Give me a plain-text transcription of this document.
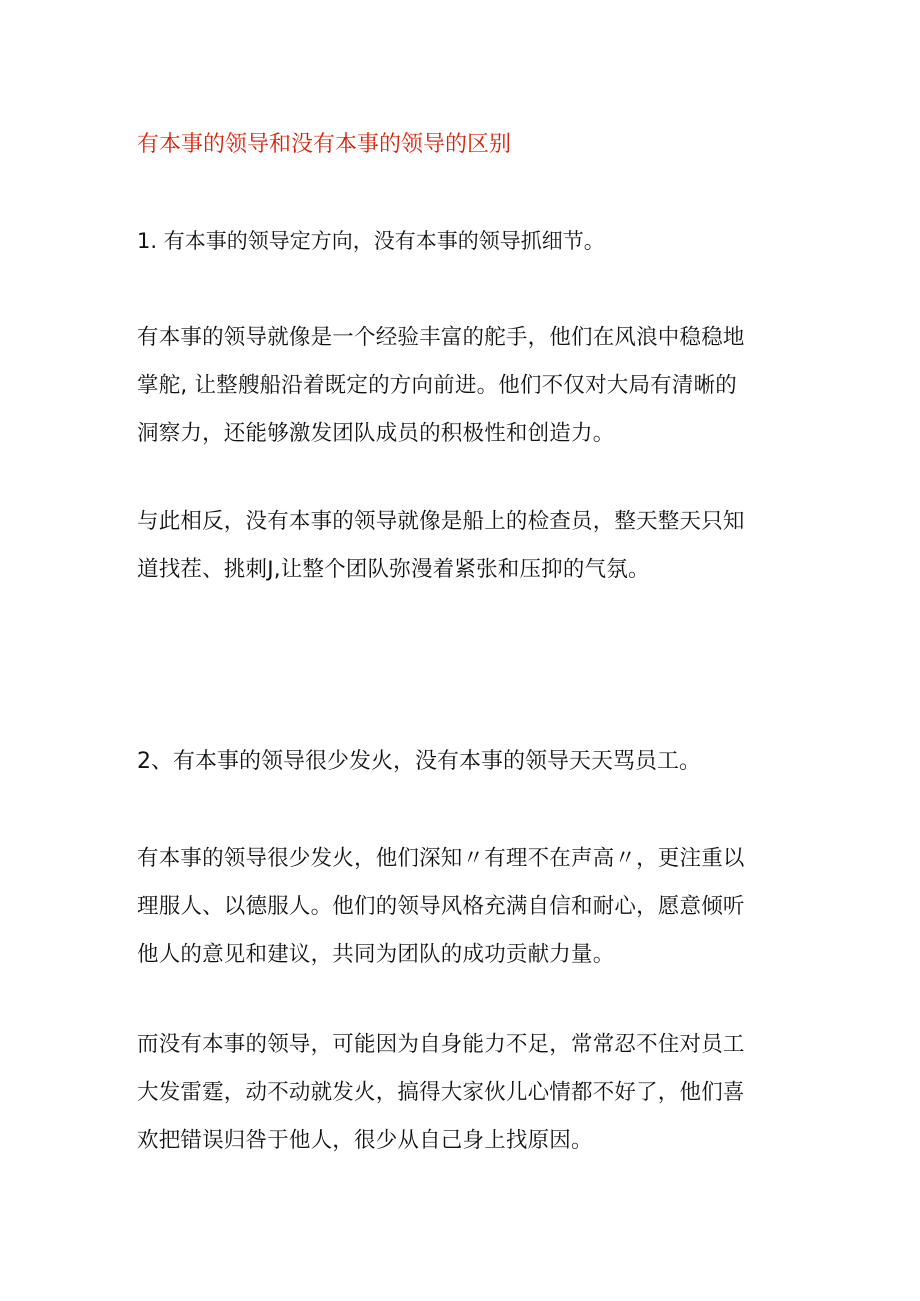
有本事的领导和没有本事的领导的区别
1. 有本事的领导定方向，没有本事的领导抓细节。
有本事的领导就像是一个经验丰富的舵手，他们在风浪中稳稳地
掌舵, 让整艘船沿着既定的方向前进。他们不仅对大局有清晰的
洞察力，还能够激发团队成员的积极性和创造力。
与此相反，没有本事的领导就像是船上的检查员，整天整天只知
道找茬、挑刺J,让整个团队弥漫着紧张和压抑的气氛。
2、有本事的领导很少发火，没有本事的领导天天骂员工。
有本事的领导很少发火，他们深知〃有理不在声高〃，更注重以
理服人、以德服人。他们的领导风格充满自信和耐心，愿意倾听
他人的意见和建议，共同为团队的成功贡献力量。
而没有本事的领导，可能因为自身能力不足，常常忍不住对员工
大发雷霆，动不动就发火，搞得大家伙儿心情都不好了，他们喜
欢把错误归咎于他人，很少从自己身上找原因。
